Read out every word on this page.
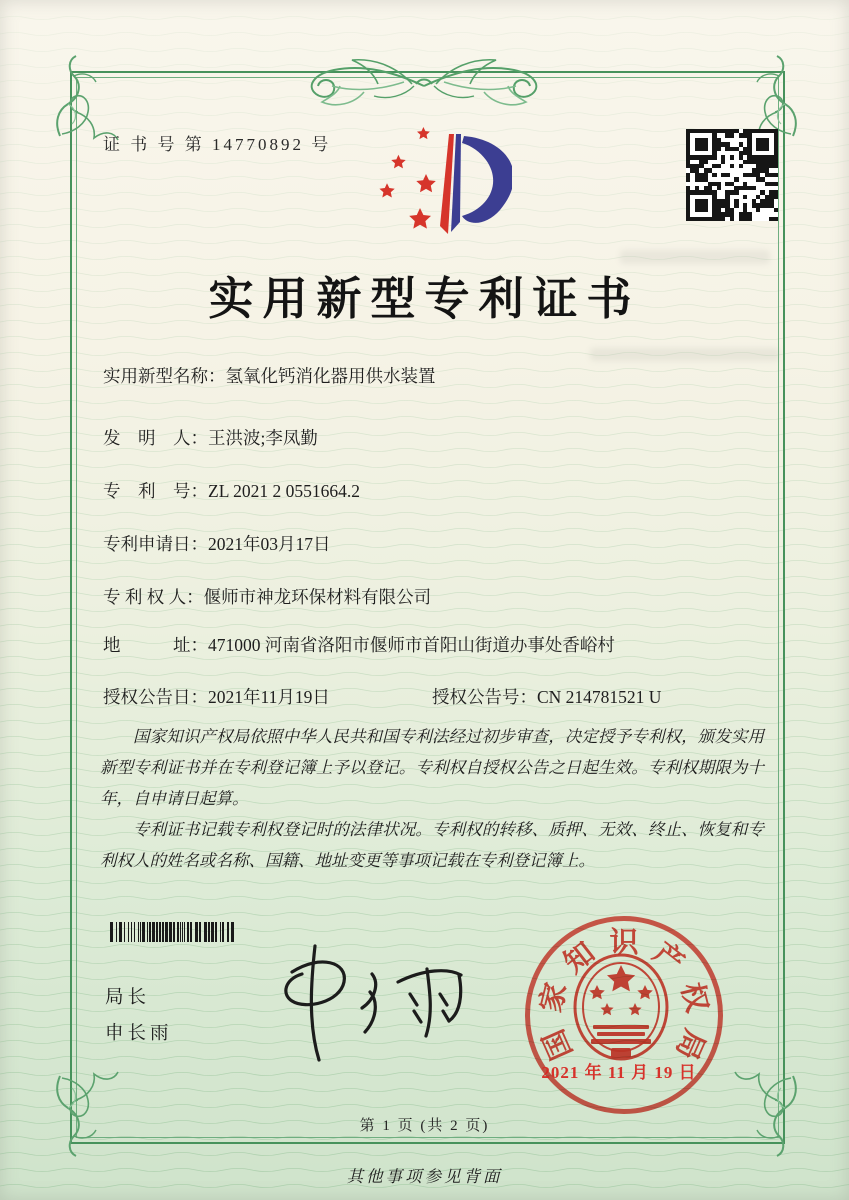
证 书 号 第 14770892 号
实用新型专利证书
实用新型名称：氢氧化钙消化器用供水装置
发　明　人：王洪波;李凤勤
专　利　号：ZL 2021 2 0551664.2
专利申请日：2021年03月17日
专 利 权 人：偃师市神龙环保材料有限公司
地　　　址：471000 河南省洛阳市偃师市首阳山街道办事处香峪村
授权公告日：2021年11月19日	授权公告号：CN 214781521 U

国家知识产权局依照中华人民共和国专利法经过初步审查，决定授予专利权，颁发实用新型专利证书并在专利登记簿上予以登记。专利权自授权公告之日起生效。专利权期限为十年，自申请日起算。

专利证书记载专利权登记时的法律状况。专利权的转移、质押、无效、终止、恢复和专利权人的姓名或名称、国籍、地址变更等事项记载在专利登记簿上。

局长
申长雨	国
家
知 识 产
权
局
2021 年 11 月 19 日
第 1 页 (共 2 页)
其他事项参见背面
